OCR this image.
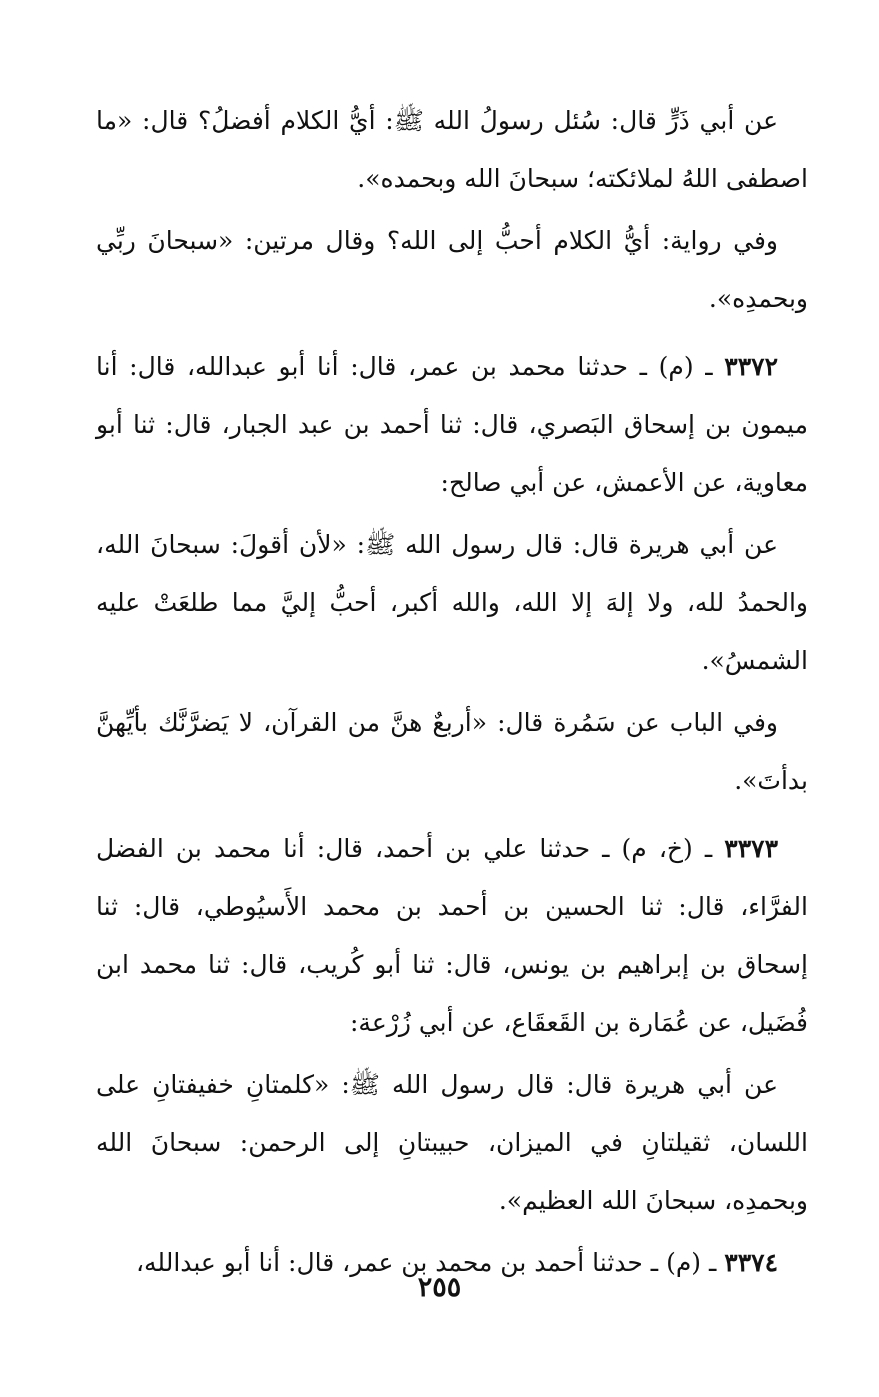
عن أبي ذَرٍّ قال: سُئل رسولُ الله ﷺ: أيُّ الكلام أفضلُ؟ قال: «ما اصطفى اللهُ لملائكته؛ سبحانَ الله وبحمده».

وفي رواية: أيُّ الكلام أحبُّ إلى الله؟ وقال مرتين: «سبحانَ ربِّي وبحمدِه».

٣٣٧٢ ـ (م) ـ حدثنا محمد بن عمر، قال: أنا أبو عبدالله، قال: أنا ميمون بن إسحاق البَصري، قال: ثنا أحمد بن عبد الجبار، قال: ثنا أبو معاوية، عن الأعمش، عن أبي صالح:

عن أبي هريرة قال: قال رسول الله ﷺ: «لأن أقولَ: سبحانَ الله، والحمدُ لله، ولا إلهَ إلا الله، والله أكبر، أحبُّ إليَّ مما طلعَتْ عليه الشمسُ».

وفي الباب عن سَمُرة قال: «أربعٌ هنَّ من القرآن، لا يَضرَّنَّك بأيِّهنَّ بدأتَ».

٣٣٧٣ ـ (خ، م) ـ حدثنا علي بن أحمد، قال: أنا محمد بن الفضل الفرَّاء، قال: ثنا الحسين بن أحمد بن محمد الأَسيُوطي، قال: ثنا إسحاق بن إبراهيم بن يونس، قال: ثنا أبو كُريب، قال: ثنا محمد ابن فُضَيل، عن عُمَارة بن القَعقَاع، عن أبي زُرْعة:

عن أبي هريرة قال: قال رسول الله ﷺ: «كلمتانِ خفيفتانِ على اللسان، ثقيلتانِ في الميزان، حبيبتانِ إلى الرحمن: سبحانَ الله وبحمدِه، سبحانَ الله العظيم».

٣٣٧٤ ـ (م) ـ حدثنا أحمد بن محمد بن عمر، قال: أنا أبو عبدالله،

٢٥٥
